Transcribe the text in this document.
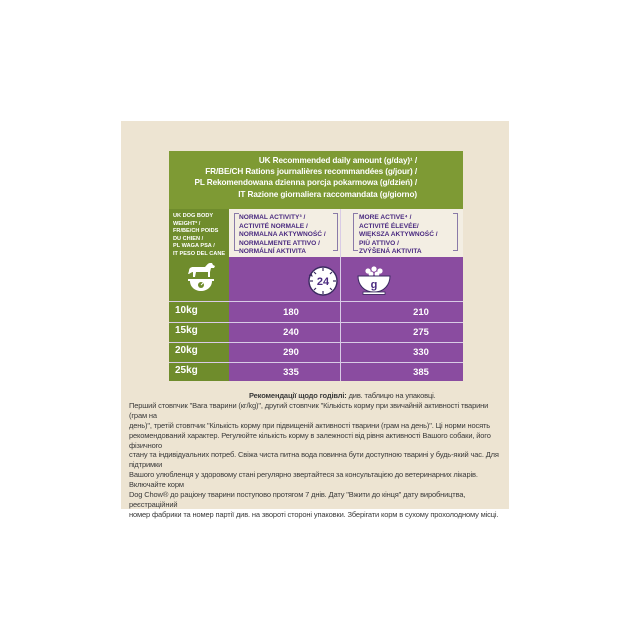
UK Recommended daily amount (g/day)¹ /
FR/BE/CH Rations journalières recommandées (g/jour) /
PL Rekomendowana dzienna porcja pokarmowa (g/dzień) /
IT Razione giornaliera raccomandata (g/giorno)
UK DOG BODY
WEIGHT² /
FR/BE/CH POIDS
DU CHIEN /
PL WAGA PSA /
IT PESO DEL CANE
NORMAL ACTIVITY³ /
ACTIVITÉ NORMALE /
NORMALNA AKTYWNOŚĆ /
NORMALMENTE ATTIVO /
NORMÁLNÍ AKTIVITA
MORE ACTIVE⁴ /
ACTIVITÉ ÉLEVÉE/
WIĘKSZA AKTYWNOŚĆ /
PIÙ ATTIVO /
ZVÝŠENÁ AKTIVITA
24	g
10kg	180	210
15kg	240	275
20kg	290	330
25kg	335	385
Рекомендації щодо годівлі: див. таблицю на упаковці.
Перший стовпчик "Вага тварини (кг/kg)", другий стовпчик "Кількість корму при звичайній активності тварини (грам на
день)", третій стовпчик "Кількість корму при підвищеній активності тварини (грам на день)". Ці норми носять
рекомендований характер. Регулюйте кількість корму в залежності від рівня активності Вашого собаки, його фізичного
стану та індивідуальних потреб. Свіжа чиста питна вода повинна бути доступною тварині у будь-який час. Для підтримки
Вашого улюбленця у здоровому стані регулярно звертайтеся за консультацією до ветеринарних лікарів. Включайте корм
Dog Chow® до раціону тварини поступово протягом 7 днів. Дату "Вжити до кінця" дату виробництва, реєстраційний
номер фабрики та номер партії див. на звороті стороні упаковки. Зберігати корм в сухому прохолодному місці.
